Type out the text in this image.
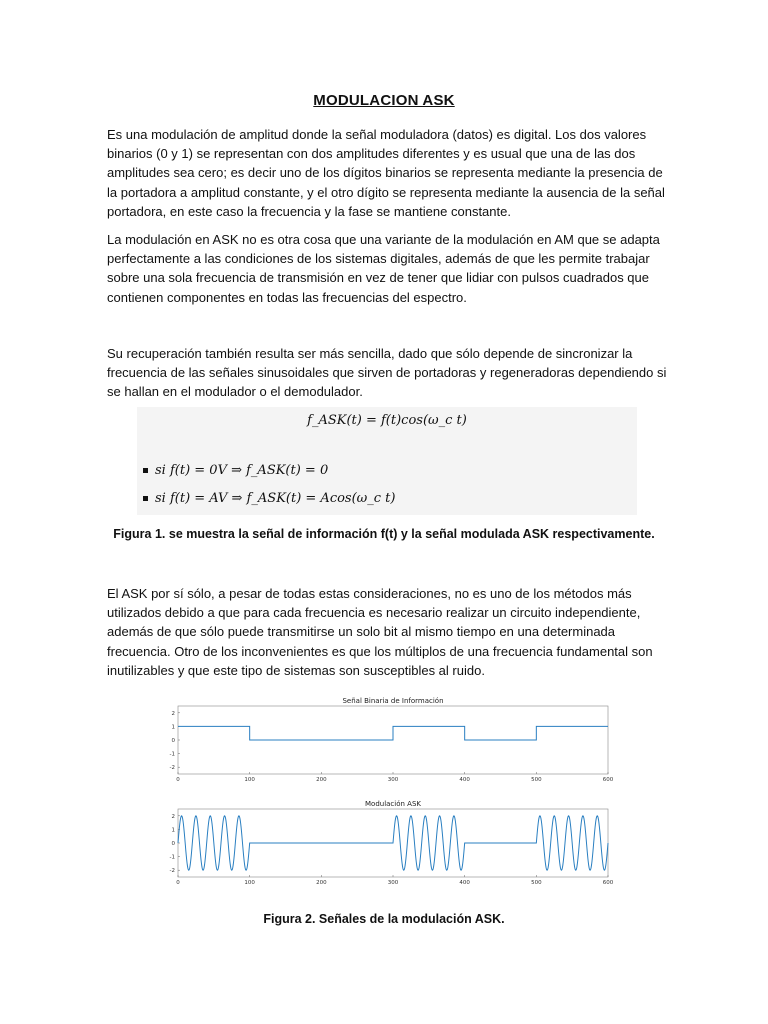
MODULACION ASK

Es una modulación de amplitud donde la señal moduladora (datos) es digital. Los dos valores binarios (0 y 1) se representan con dos amplitudes diferentes y es usual que una de las dos amplitudes sea cero; es decir uno de los dígitos binarios se representa mediante la presencia de la portadora a amplitud constante, y el otro dígito se representa mediante la ausencia de la señal portadora, en este caso la frecuencia y la fase se mantiene constante.

La modulación en ASK no es otra cosa que una variante de la modulación en AM que se adapta perfectamente a las condiciones de los sistemas digitales, además de que les permite trabajar sobre una sola frecuencia de transmisión en vez de tener que lidiar con pulsos cuadrados que contienen componentes en todas las frecuencias del espectro.

Su recuperación también resulta ser más sencilla, dado que sólo depende de sincronizar la frecuencia de las señales sinusoidales que sirven de portadoras y regeneradoras dependiendo si se hallan en el modulador o el demodulador.

f_ASK(t) = f(t)cos(ω_c t)
si f(t) = 0V ⇒ f_ASK(t) = 0
si f(t) = AV ⇒ f_ASK(t) = Acos(ω_c t)

Figura 1. se muestra la señal de información f(t) y la señal modulada ASK respectivamente.

El ASK por sí sólo, a pesar de todas estas consideraciones, no es uno de los métodos más utilizados debido a que para cada frecuencia es necesario realizar un circuito independiente, además de que sólo puede transmitirse un solo bit al mismo tiempo en una determinada frecuencia. Otro de los inconvenientes es que los múltiplos de una frecuencia fundamental son inutilizables y que este tipo de sistemas son susceptibles al ruido.

Señal Binaria de Información
0	100	200	300	400	500	600
2
1
0
-1
-2
Modulación ASK
0	100	200	300	400	500	600
2
1
0
-1
-2

Figura 2. Señales de la modulación ASK.
